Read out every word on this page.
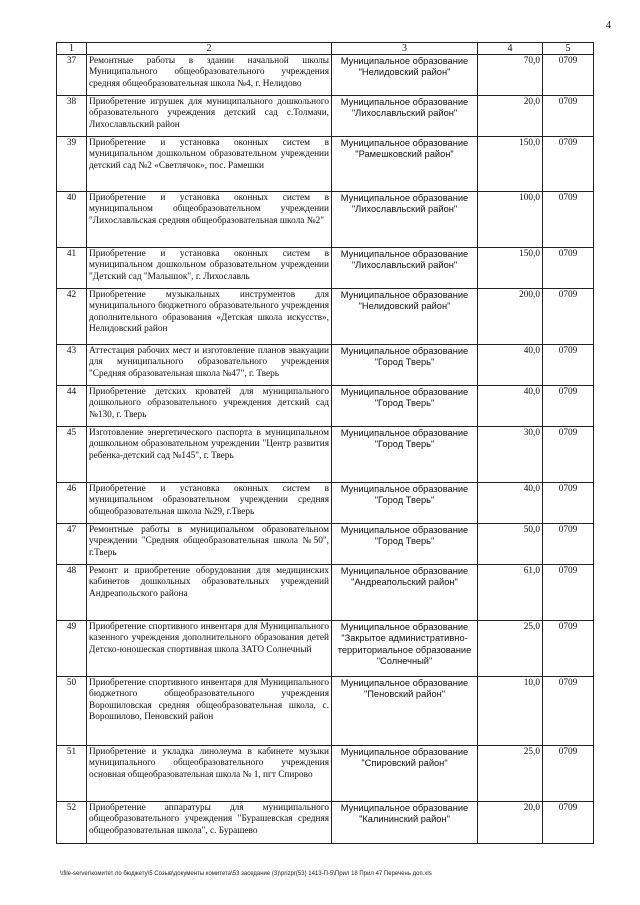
4
1	2	3	4	5
37	Ремонтные работы в здании начальной школы Муниципального общеобразовательного учреждения средняя общеобразовательная школа №4, г. Нелидово	Муниципальное образование "Нелидовский район"	70,0	0709
38	Приобретение игрушек для муниципального дошкольного образовательного учреждения детский сад с.Толмачи, Лихославльский район	Муниципальное образование "Лихославльский район"	20,0	0709
39	Приобретение и установка оконных систем в муниципальном дошкольном образовательном учреждении детский сад №2 «Светлячок», пос. Рамешки	Муниципальное образование "Рамешковский район"	150,0	0709
40	Приобретение и установка оконных систем в муниципальном общеобразовательном учреждении "Лихославльская средняя общеобразовательная школа №2"	Муниципальное образование "Лихославльский район"	100,0	0709
41	Приобретение и установка оконных систем в муниципальном дошкольном образовательном учреждении "Детский сад "Малышок", г. Лихославль	Муниципальное образование "Лихославльский район"	150,0	0709
42	Приобретение музыкальных инструментов для муниципального бюджетного образовательного учреждения дополнительного образования «Детская школа искусств», Нелидовский район	Муниципальное образование "Нелидовский район"	200,0	0709
43	Аттестация рабочих мест и изготовление планов эвакуации для муниципального образовательного учреждения "Средняя образовательная школа №47", г. Тверь	Муниципальное образование "Город Тверь"	40,0	0709
44	Приобретение детских кроватей для муниципального дошкольного образовательного учреждения детский сад №130, г. Тверь	Муниципальное образование "Город Тверь"	40,0	0709
45	Изготовление энергетического паспорта в муниципальном дошкольном образовательном учреждении "Центр развития ребенка-детский сад №145", г. Тверь	Муниципальное образование "Город Тверь"	30,0	0709
46	Приобретение и установка оконных систем в муниципальном образовательном учреждении средняя общеобразовательная школа №29, г.Тверь	Муниципальное образование "Город Тверь"	40,0	0709
47	Ремонтные работы в муниципальном образовательном учреждении "Средняя общеобразовательная школа №50", г.Тверь	Муниципальное образование "Город Тверь"	50,0	0709
48	Ремонт и приобретение оборудования для медицинских кабинетов дошкольных образовательных учреждений Андреапольского района	Муниципальное образование "Андреапольский район"	61,0	0709
49	Приобретение спортивного инвентаря для Муниципального казенного учреждения дополнительного образования детей Детско-юношеская спортивная школа ЗАТО Солнечный	Муниципальное образование "Закрытое административно-территориальное образование "Солнечный"	25,0	0709
50	Приобретение спортивного инвентаря для Муниципального бюджетного общеобразовательного учреждения Ворошиловская средняя общеобразовательная школа, с. Ворошилово, Пеновский район	Муниципальное образование "Пеновский район"	10,0	0709
51	Приобретение и укладка линолеума в кабинете музыки муниципального общеобразовательного учреждения основная общеобразовательная школа № 1, пгт Спирово	Муниципальное образование "Спировский район"	25,0	0709
52	Приобретение аппаратуры для муниципального общеобразовательного учреждения "Бурашевская средняя общеобразовательная школа", с. Бурашево	Муниципальное образование "Калининский район"	20,0	0709
\\file-server\комитет по бюджету\5 Созыв\документы комитета\53 заседание (3)\prizpr(53) 1413-П-5\Прил 18 Прил 47 Перечень доп.xls
